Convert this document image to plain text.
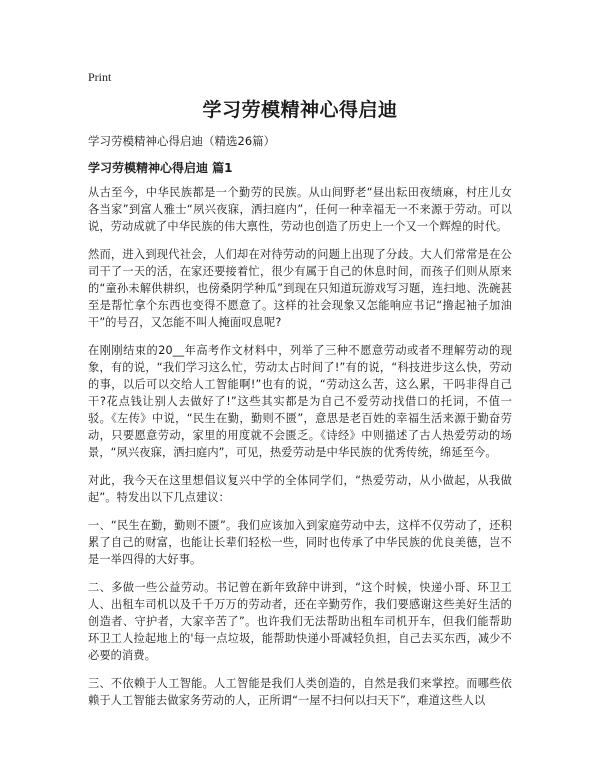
Print
学习劳模精神心得启迪

学习劳模精神心得启迪（精选26篇）

学习劳模精神心得启迪 篇1

从古至今，中华民族都是一个勤劳的民族。从山间野老“昼出耘田夜绩麻，村庄儿女各当家”到富人雅士“夙兴夜寐，洒扫庭内”，任何一种幸福无一不来源于劳动。可以说，劳动成就了中华民族的伟大禀性，劳动也创造了历史上一个又一个辉煌的时代。

然而，进入到现代社会，人们却在对待劳动的问题上出现了分歧。大人们常常是在公司干了一天的活，在家还要接着忙，很少有属于自己的休息时间，而孩子们则从原来的“童孙未解供耕织，也傍桑阴学种瓜”到现在只知道玩游戏写习题，连扫地、洗碗甚至是帮忙拿个东西也变得不愿意了。这样的社会现象又怎能响应书记“撸起袖子加油干”的号召，又怎能不叫人掩面叹息呢?

在刚刚结束的20__年高考作文材料中，列举了三种不愿意劳动或者不理解劳动的现象，有的说，“我们学习这么忙，劳动太占时间了!”有的说，“科技进步这么快，劳动的事，以后可以交给人工智能啊!”也有的说，“劳动这么苦，这么累，干吗非得自己干?花点钱让别人去做好了!”这些其实都是为自己不爱劳动找借口的托词，不值一驳。《左传》中说，“民生在勤，勤则不匮”，意思是老百姓的幸福生活来源于勤奋劳动，只要愿意劳动，家里的用度就不会匮乏。《诗经》中则描述了古人热爱劳动的场景，“夙兴夜寐，洒扫庭内”，可见，热爱劳动是中华民族的优秀传统，绵延至今。

对此，我今天在这里想倡议复兴中学的全体同学们，“热爱劳动，从小做起，从我做起”。特发出以下几点建议：

一、“民生在勤，勤则不匮”。我们应该加入到家庭劳动中去，这样不仅劳动了，还积累了自己的财富，也能让长辈们轻松一些，同时也传承了中华民族的优良美德，岂不是一举四得的大好事。

二、多做一些公益劳动。书记曾在新年致辞中讲到，“这个时候，快递小哥、环卫工人、出租车司机以及千千万万的劳动者，还在辛勤劳作，我们要感谢这些美好生活的创造者、守护者，大家辛苦了”。也许我们无法帮助出租车司机开车，但我们能帮助环卫工人捡起地上的'每一点垃圾，能帮助快递小哥减轻负担，自己去买东西，减少不必要的消费。

三、不依赖于人工智能。人工智能是我们人类创造的，自然是我们来掌控。而哪些依赖于人工智能去做家务劳动的人，正所谓“一屋不扫何以扫天下”，难道这些人以
